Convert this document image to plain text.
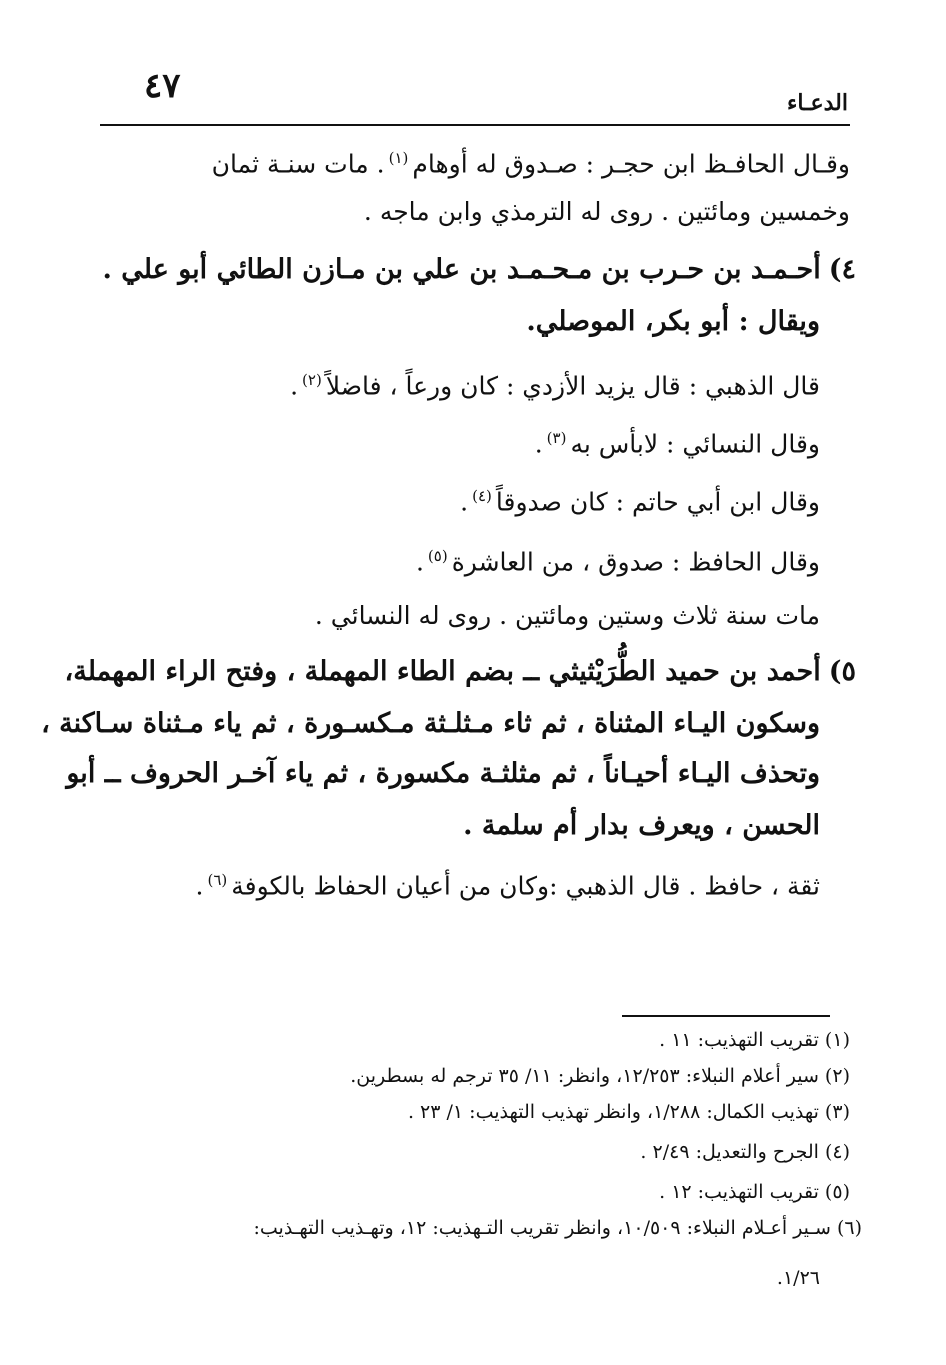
٤٧	الدعـاء
وقـال الحافـظ ابن حجـر : صـدوق له أوهام$^{(١)}$. مات سنـة ثمان
وخمسين ومائتين . روى له الترمذي وابن ماجه .
٤)أحـمـد بن حـرب بن مـحـمـد بن علي بن مـازن الطائي أبو علي .
ويقال : أبو بكر، الموصلي.
قال الذهبي : قال يزيد الأزدي : كان ورعاً ، فاضلاً$^{(٢)}$.
وقال النسائي : لابأس به$^{(٣)}$.
وقال ابن أبي حاتم : كان صدوقاً$^{(٤)}$.
وقال الحافظ : صدوق ، من العاشرة$^{(٥)}$.
مات سنة ثلاث وستين ومائتين . روى له النسائي .
٥)أحمد بن حميد الطُّرَيْثيثي ــ بضم الطاء المهملة ، وفتح الراء المهملة،
وسكون اليـاء المثناة ، ثم ثاء مـثلـثة مـكسـورة ، ثم ياء مـثناة سـاكنة ،
وتحذف اليـاء أحيـاناً ، ثم مثلثـة مكسورة ، ثم ياء آخـر الحروف ــ أبو
الحسن ، ويعرف بدار أم سلمة .
ثقة ، حافظ . قال الذهبي :وكان من أعيان الحفاظ بالكوفة$^{(٦)}$.
(١) تقريب التهذيب: ١١ .
(٢) سير أعلام النبلاء: ١٢/٢٥٣، وانظر: ١١/ ٣٥ ترجم له بسطرين.
(٣) تهذيب الكمال: ١/٢٨٨، وانظر تهذيب التهذيب: ١/ ٢٣ .
(٤) الجرح والتعديل: ٢/٤٩ .
(٥) تقريب التهذيب: ١٢ .
(٦) سـير أعـلام النبلاء: ١٠/٥٠٩، وانظر تقريب التـهذيب: ١٢، وتهـذيب التهـذيب:
١/٢٦.
